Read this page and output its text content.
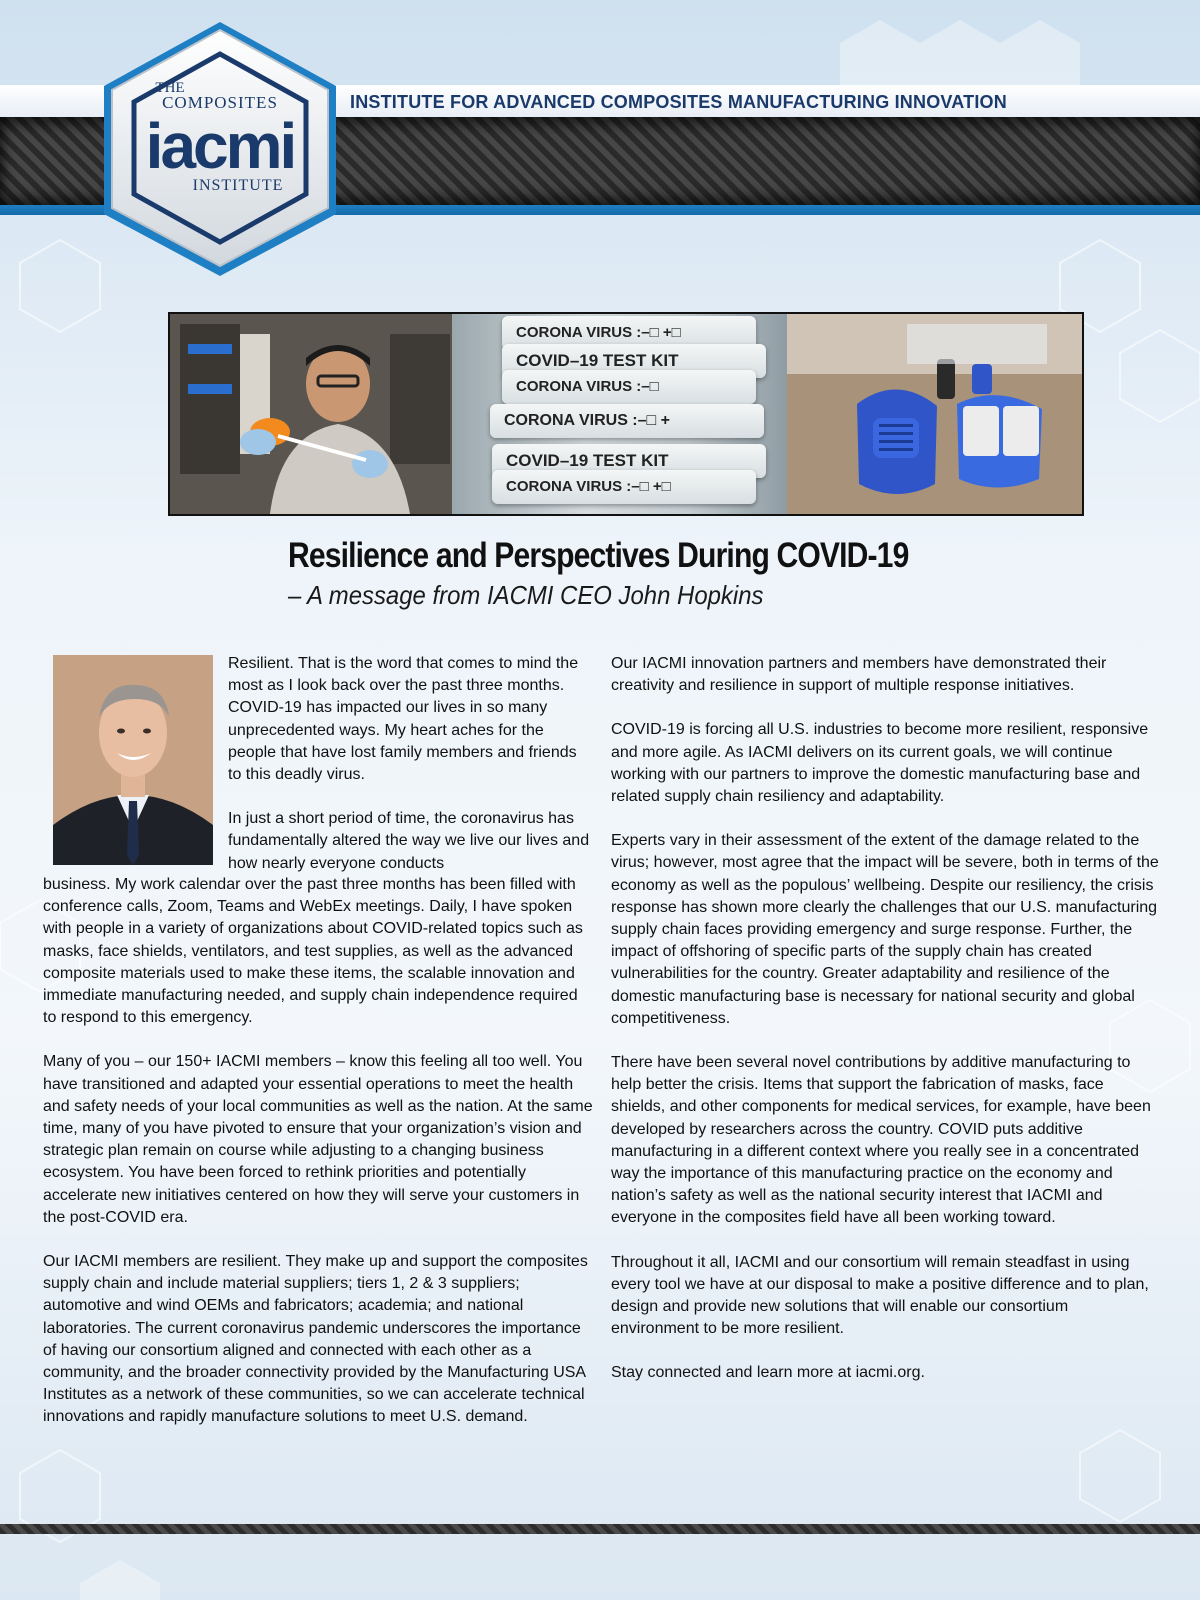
INSTITUTE FOR ADVANCED COMPOSITES MANUFACTURING INNOVATION
THE
COMPOSITES
iacmi
INSTITUTE
CORONA VIRUS :–□ +□
COVID–19 TEST KIT
CORONA VIRUS :–□
CORONA VIRUS :–□ +
COVID–19 TEST KIT
CORONA VIRUS :–□ +□
Resilience and Perspectives During COVID-19
– A message from IACMI CEO John Hopkins

Resilient. That is the word that comes to mind the most as I look back over the past three months. COVID-19 has impacted our lives in so many unprecedented ways. My heart aches for the people that have lost family members and friends to this deadly virus.

In just a short period of time, the coronavirus has fundamentally altered the way we live our lives and how nearly everyone conducts

business. My work calendar over the past three months has been filled with conference calls, Zoom, Teams and WebEx meetings. Daily, I have spoken with people in a variety of organizations about COVID-related topics such as masks, face shields, ventilators, and test supplies, as well as the advanced composite materials used to make these items, the scalable innovation and immediate manufacturing needed, and supply chain independence required to respond to this emergency.

Many of you – our 150+ IACMI members – know this feeling all too well. You have transitioned and adapted your essential operations to meet the health and safety needs of your local communities as well as the nation. At the same time, many of you have pivoted to ensure that your organization’s vision and strategic plan remain on course while adjusting to a changing business ecosystem. You have been forced to rethink priorities and potentially accelerate new initiatives centered on how they will serve your customers in the post-COVID era.

Our IACMI members are resilient. They make up and support the composites supply chain and include material suppliers; tiers 1, 2 & 3 suppliers; automotive and wind OEMs and fabricators; academia; and national laboratories. The current coronavirus pandemic underscores the importance of having our consortium aligned and connected with each other as a community, and the broader connectivity provided by the Manufacturing USA Institutes as a network of these communities, so we can accelerate technical innovations and rapidly manufacture solutions to meet U.S. demand.

Our IACMI innovation partners and members have demonstrated their creativity and resilience in support of multiple response initiatives.

COVID-19 is forcing all U.S. industries to become more resilient, responsive and more agile. As IACMI delivers on its current goals, we will continue working with our partners to improve the domestic manufacturing base and related supply chain resiliency and adaptability.

Experts vary in their assessment of the extent of the damage related to the virus; however, most agree that the impact will be severe, both in terms of the economy as well as the populous’ wellbeing. Despite our resiliency, the crisis response has shown more clearly the challenges that our U.S. manufacturing supply chain faces providing emergency and surge response. Further, the impact of offshoring of specific parts of the supply chain has created vulnerabilities for the country. Greater adaptability and resilience of the domestic manufacturing base is necessary for national security and global competitiveness.

There have been several novel contributions by additive manufacturing to help better the crisis. Items that support the fabrication of masks, face shields, and other components for medical services, for example, have been developed by researchers across the country. COVID puts additive manufacturing in a different context where you really see in a concentrated way the importance of this manufacturing practice on the economy and nation’s safety as well as the national security interest that IACMI and everyone in the composites field have all been working toward.

Throughout it all, IACMI and our consortium will remain steadfast in using every tool we have at our disposal to make a positive difference and to plan, design and provide new solutions that will enable our consortium environment to be more resilient.

Stay connected and learn more at iacmi.org.
